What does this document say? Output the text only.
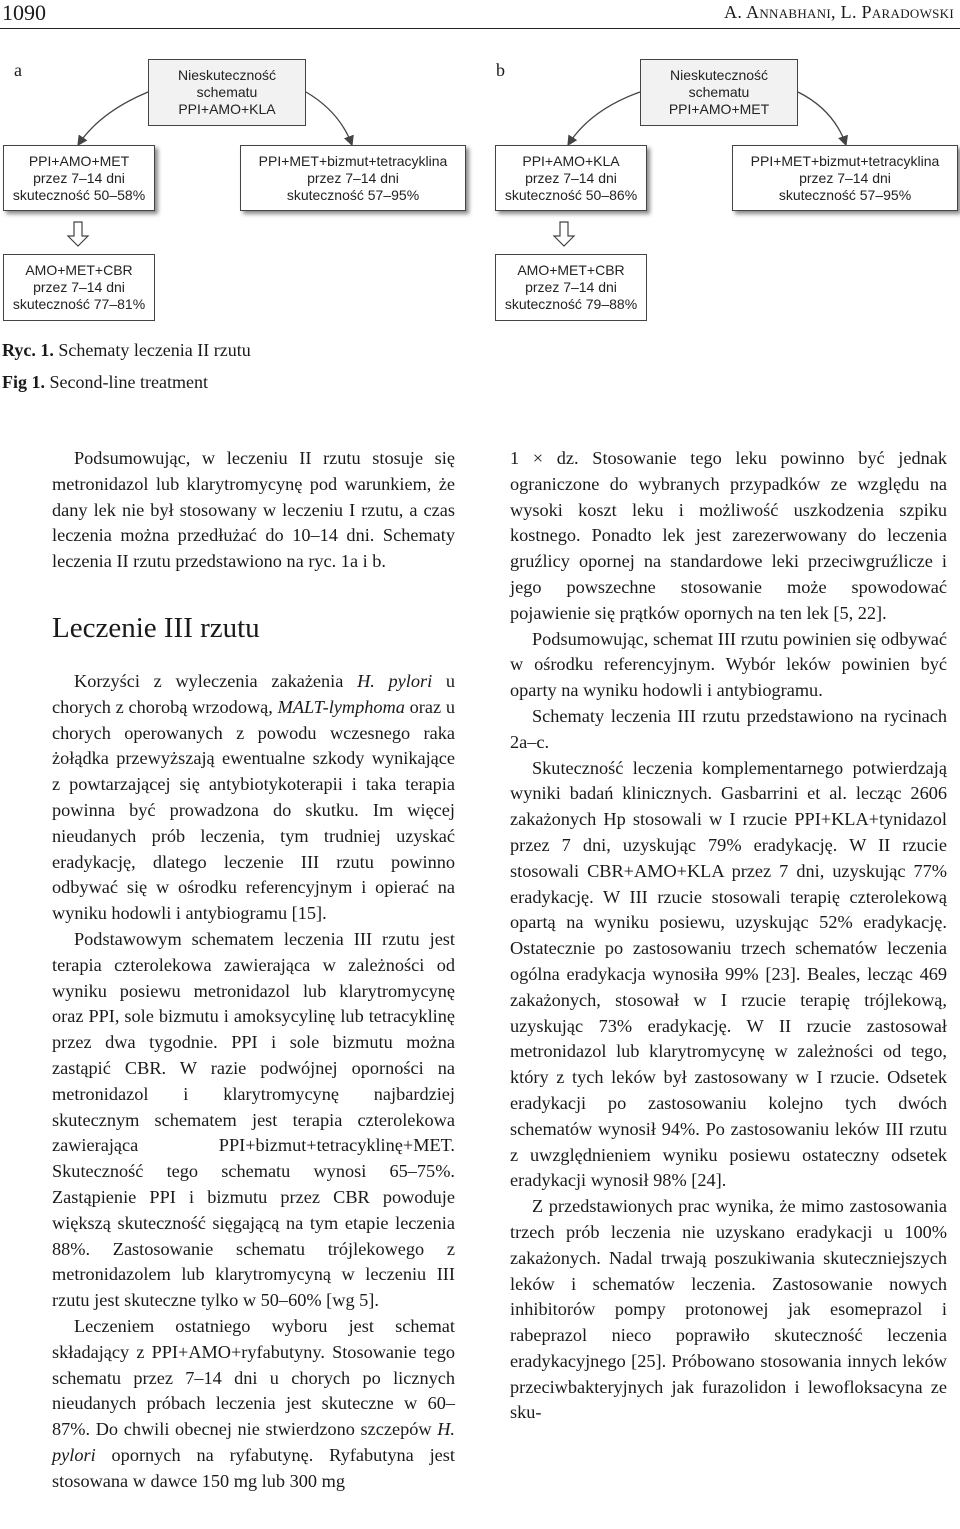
1090	A. Annabhani, L. Paradowski
a	Nieskuteczność
schematu
PPI+AMO+KLA
PPI+AMO+MET
przez 7–14 dni
skuteczność 50–58%
PPI+MET+bizmut+tetracyklina
przez 7–14 dni
skuteczność 57–95%
AMO+MET+CBR
przez 7–14 dni
skuteczność 77–81%
b	Nieskuteczność
schematu
PPI+AMO+MET
PPI+AMO+KLA
przez 7–14 dni
skuteczność 50–86%
PPI+MET+bizmut+tetracyklina
przez 7–14 dni
skuteczność 57–95%
AMO+MET+CBR
przez 7–14 dni
skuteczność 79–88%
Ryc. 1. Schematy leczenia II rzutu
Fig 1. Second-line treatment

Podsumowując, w leczeniu II rzutu stosuje się metronidazol lub klarytromycynę pod warunkiem, że dany lek nie był stosowany w leczeniu I rzutu, a czas leczenia można przedłużać do 10–14 dni. Schematy leczenia II rzutu przedstawiono na ryc. 1a i b.

Leczenie III rzutu

Korzyści z wyleczenia zakażenia H. pylori u chorych z chorobą wrzodową, MALT-lymphoma oraz u chorych operowanych z powodu wczesnego raka żołądka przewyższają ewentualne szkody wynikające z powtarzającej się antybiotykoterapii i taka terapia powinna być prowadzona do skutku. Im więcej nieudanych prób leczenia, tym trudniej uzyskać eradykację, dlatego leczenie III rzutu powinno odbywać się w ośrodku referencyjnym i opierać na wyniku hodowli i antybiogramu [15].

Podstawowym schematem leczenia III rzutu jest terapia czterolekowa zawierająca w zależności od wyniku posiewu metronidazol lub klarytromycynę oraz PPI, sole bizmutu i amoksycylinę lub tetracyklinę przez dwa tygodnie. PPI i sole bizmutu można zastąpić CBR. W razie podwójnej oporności na metronidazol i klarytromycynę najbardziej skutecznym schematem jest terapia czterolekowa zawierająca PPI+bizmut+tetracyklinę+MET. Skuteczność tego schematu wynosi 65–75%. Zastąpienie PPI i bizmutu przez CBR powoduje większą skuteczność sięgającą na tym etapie leczenia 88%. Zastosowanie schematu trójlekowego z metronidazolem lub klarytromycyną w leczeniu III rzutu jest skuteczne tylko w 50–60% [wg 5].

Leczeniem ostatniego wyboru jest schemat składający z PPI+AMO+ryfabutyny. Stosowanie tego schematu przez 7–14 dni u chorych po licznych nieudanych próbach leczenia jest skuteczne w 60–87%. Do chwili obecnej nie stwierdzono szczepów H. pylori opornych na ryfabutynę. Ryfabutyna jest stosowana w dawce 150 mg lub 300 mg

1 × dz. Stosowanie tego leku powinno być jednak ograniczone do wybranych przypadków ze względu na wysoki koszt leku i możliwość uszkodzenia szpiku kostnego. Ponadto lek jest zarezerwowany do leczenia gruźlicy opornej na standardowe leki przeciwgruźlicze i jego powszechne stosowanie może spowodować pojawienie się prątków opornych na ten lek [5, 22].

Podsumowując, schemat III rzutu powinien się odbywać w ośrodku referencyjnym. Wybór leków powinien być oparty na wyniku hodowli i antybiogramu.

Schematy leczenia III rzutu przedstawiono na rycinach 2a–c.

Skuteczność leczenia komplementarnego potwierdzają wyniki badań klinicznych. Gasbarrini et al. lecząc 2606 zakażonych Hp stosowali w I rzucie PPI+KLA+tynidazol przez 7 dni, uzyskując 79% eradykację. W II rzucie stosowali CBR+AMO+KLA przez 7 dni, uzyskując 77% eradykację. W III rzucie stosowali terapię czterolekową opartą na wyniku posiewu, uzyskując 52% eradykację. Ostatecznie po zastosowaniu trzech schematów leczenia ogólna eradykacja wynosiła 99% [23]. Beales, lecząc 469 zakażonych, stosował w I rzucie terapię trójlekową, uzyskując 73% eradykację. W II rzucie zastosował metronidazol lub klarytromycynę w zależności od tego, który z tych leków był zastosowany w I rzucie. Odsetek eradykacji po zastosowaniu kolejno tych dwóch schematów wynosił 94%. Po zastosowaniu leków III rzutu z uwzględnieniem wyniku posiewu ostateczny odsetek eradykacji wynosił 98% [24].

Z przedstawionych prac wynika, że mimo zastosowania trzech prób leczenia nie uzyskano eradykacji u 100% zakażonych. Nadal trwają poszukiwania skuteczniejszych leków i schematów leczenia. Zastosowanie nowych inhibitorów pompy protonowej jak esomeprazol i rabeprazol nieco poprawiło skuteczność leczenia eradykacyjnego [25]. Próbowano stosowania innych leków przeciwbakteryjnych jak furazolidon i lewofloksacyna ze sku-
